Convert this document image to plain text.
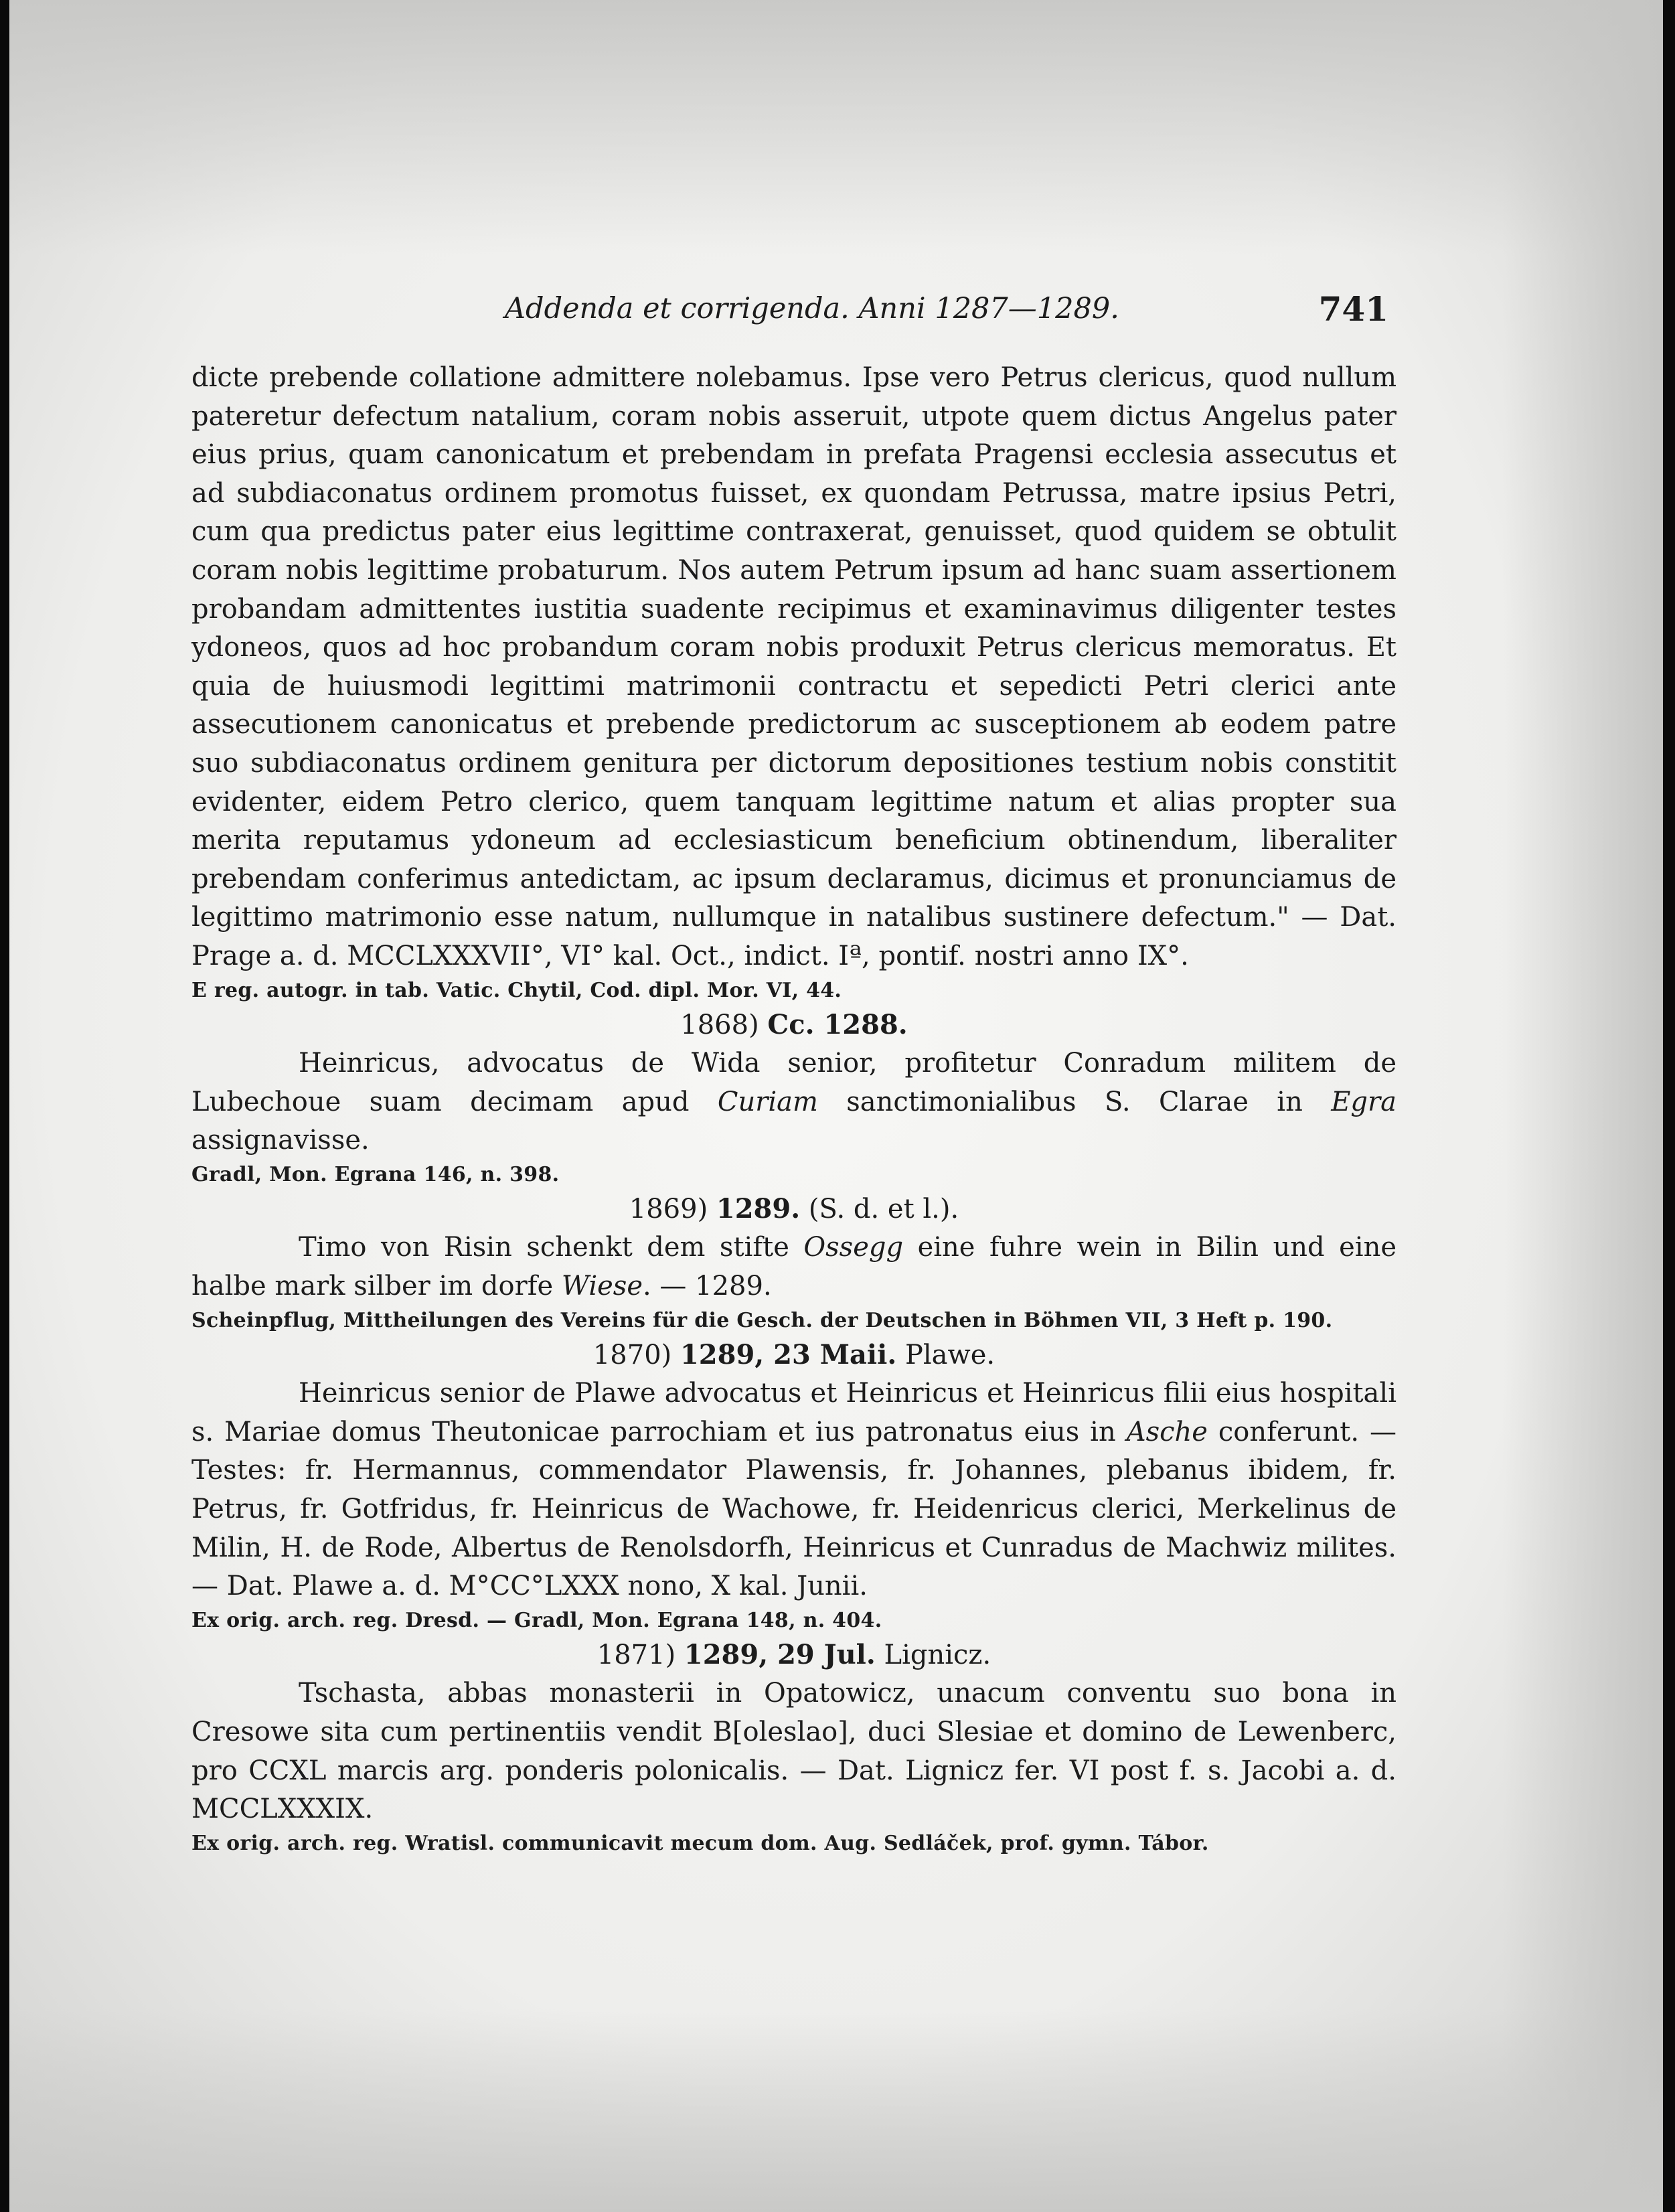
Addenda et corrigenda. Anni 1287—1289.	741

dicte prebende collatione admittere nolebamus. Ipse vero Petrus clericus, quod nullum pateretur defectum natalium, coram nobis asseruit, utpote quem dictus Angelus pater eius prius, quam canonicatum et prebendam in prefata Pragensi ecclesia assecutus et ad subdiaconatus ordinem promotus fuisset, ex quondam Petrussa, matre ipsius Petri, cum qua predictus pater eius legittime contraxerat, genuisset, quod quidem se obtulit coram nobis legittime probaturum. Nos autem Petrum ipsum ad hanc suam assertionem probandam admittentes iustitia suadente recipimus et examinavimus diligenter testes ydoneos, quos ad hoc probandum coram nobis produxit Petrus clericus memoratus. Et quia de huiusmodi legittimi matrimonii contractu et sepedicti Petri clerici ante assecutionem canonicatus et prebende predictorum ac susceptionem ab eodem patre suo subdiaconatus ordinem genitura per dictorum depositiones testium nobis constitit evidenter, eidem Petro clerico, quem tanquam legittime natum et alias propter sua merita reputamus ydoneum ad ecclesiasticum beneficium obtinendum, liberaliter prebendam conferimus antedictam, ac ipsum declaramus, dicimus et pronunciamus de legittimo matrimonio esse natum, nullumque in natalibus sustinere defectum." — Dat. Prage a. d. MCCLXXXVII°, VI° kal. Oct., indict. Iª, pontif. nostri anno IX°.

E reg. autogr. in tab. Vatic. Chytil, Cod. dipl. Mor. VI, 44.

1868) Cc. 1288.

Heinricus, advocatus de Wida senior, profitetur Conradum militem de Lubechoue suam decimam apud Curiam sanctimonialibus S. Clarae in Egra assignavisse.

Gradl, Mon. Egrana 146, n. 398.

1869) 1289. (S. d. et l.).

Timo von Risin schenkt dem stifte Ossegg eine fuhre wein in Bilin und eine halbe mark silber im dorfe Wiese. — 1289.

Scheinpflug, Mittheilungen des Vereins für die Gesch. der Deutschen in Böhmen VII, 3 Heft p. 190.

1870) 1289, 23 Maii. Plawe.

Heinricus senior de Plawe advocatus et Heinricus et Heinricus filii eius hospitali s. Mariae domus Theutonicae parrochiam et ius patronatus eius in Asche conferunt. — Testes: fr. Hermannus, commendator Plawensis, fr. Johannes, plebanus ibidem, fr. Petrus, fr. Gotfridus, fr. Heinricus de Wachowe, fr. Heidenricus clerici, Merkelinus de Milin, H. de Rode, Albertus de Renolsdorfh, Heinricus et Cunradus de Machwiz milites. — Dat. Plawe a. d. M°CC°LXXX nono, X kal. Junii.

Ex orig. arch. reg. Dresd. — Gradl, Mon. Egrana 148, n. 404.

1871) 1289, 29 Jul. Lignicz.

Tschasta, abbas monasterii in Opatowicz, unacum conventu suo bona in Cresowe sita cum pertinentiis vendit B[oleslao], duci Slesiae et domino de Lewenberc, pro CCXL marcis arg. ponderis polonicalis. — Dat. Lignicz fer. VI post f. s. Jacobi a. d. MCCLXXXIX.

Ex orig. arch. reg. Wratisl. communicavit mecum dom. Aug. Sedláček, prof. gymn. Tábor.
